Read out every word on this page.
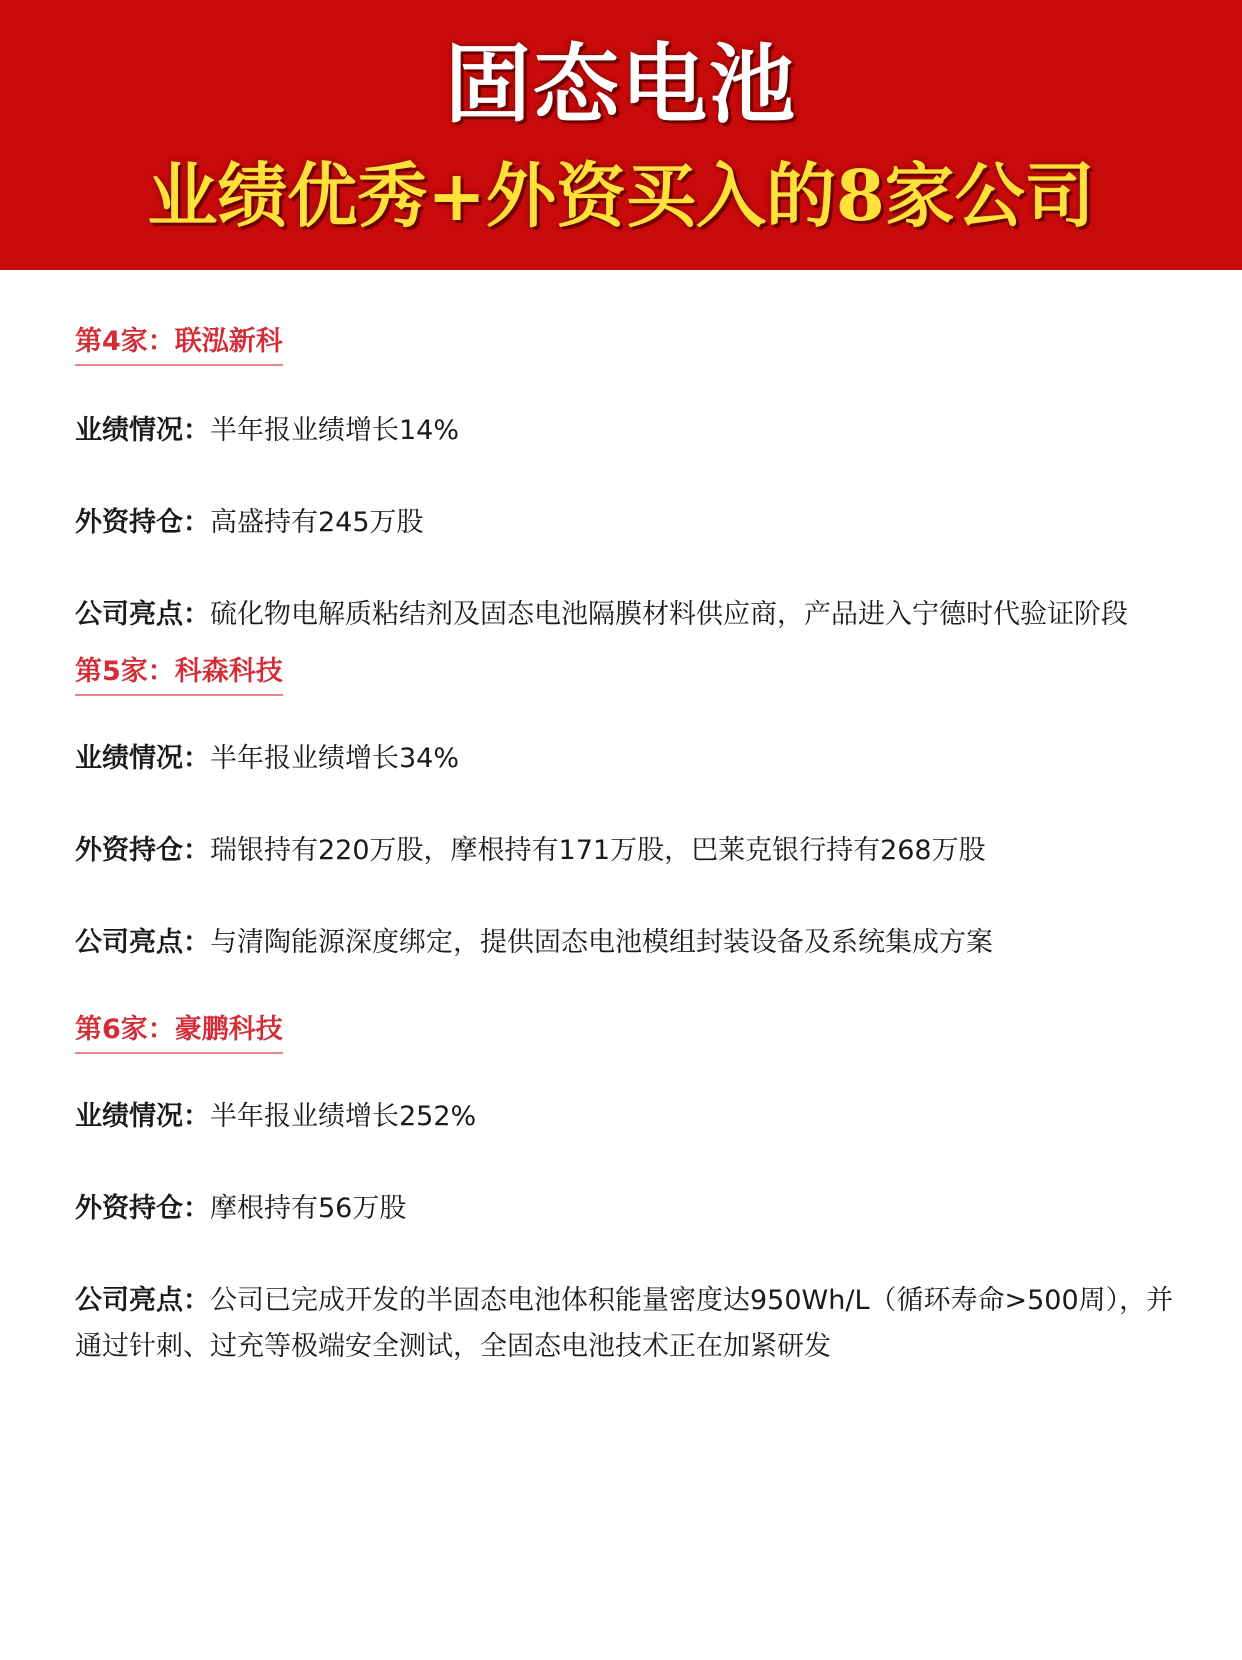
固态电池
业绩优秀+外资买入的8家公司
第4家：联泓新科
业绩情况：半年报业绩增长14%
外资持仓：高盛持有245万股
公司亮点：硫化物电解质粘结剂及固态电池隔膜材料供应商，产品进入宁德时代验证阶段
第5家：科森科技
业绩情况：半年报业绩增长34%
外资持仓：瑞银持有220万股，摩根持有171万股，巴莱克银行持有268万股
公司亮点：与清陶能源深度绑定，提供固态电池模组封装设备及系统集成方案
第6家：豪鹏科技
业绩情况：半年报业绩增长252%
外资持仓：摩根持有56万股
公司亮点：公司已完成开发的半固态电池体积能量密度达950Wh/L（循环寿命>500周），并通过针刺、过充等极端安全测试，全固态电池技术正在加紧研发
